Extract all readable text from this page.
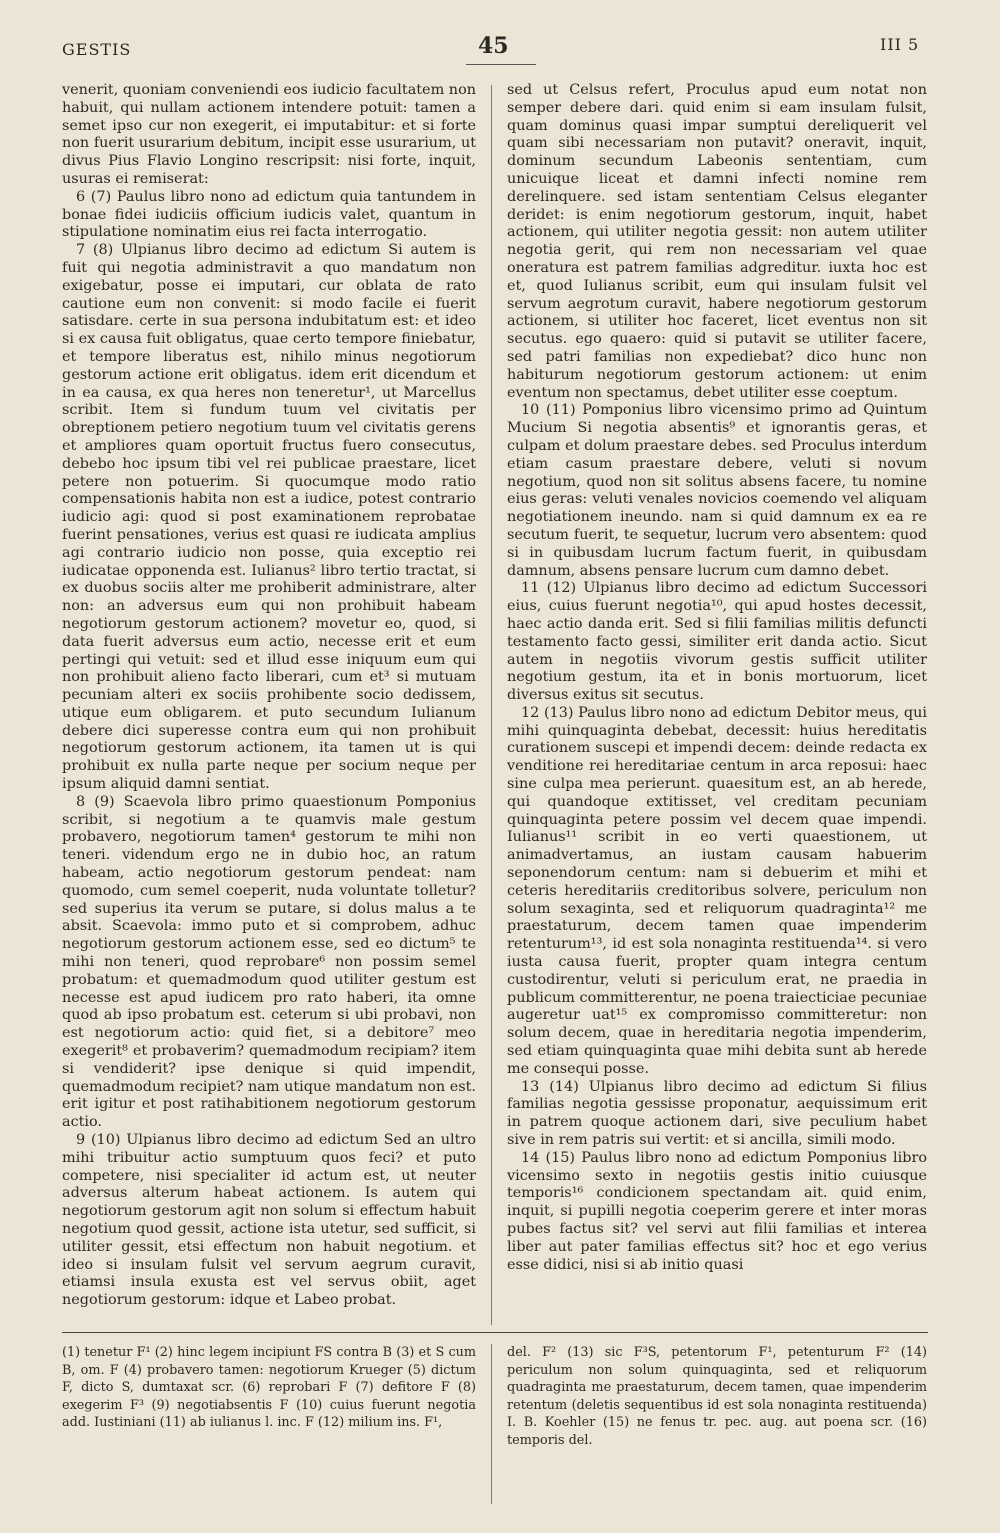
GESTIS	45	III 5

venerit, quoniam conveniendi eos iudicio facultatem non habuit, qui nullam actionem intendere potuit: tamen a semet ipso cur non exegerit, ei imputabitur: et si forte non fuerit usurarium debitum, incipit esse usurarium, ut divus Pius Flavio Longino rescripsit: nisi forte, inquit, usuras ei remiserat:

6 (7) Paulus libro nono ad edictum quia tantundem in bonae fidei iudiciis officium iudicis valet, quantum in stipulatione nominatim eius rei facta interrogatio.

7 (8) Ulpianus libro decimo ad edictum Si autem is fuit qui negotia administravit a quo mandatum non exigebatur, posse ei imputari, cur oblata de rato cautione eum non convenit: si modo facile ei fuerit satisdare. certe in sua persona indubitatum est: et ideo si ex causa fuit obligatus, quae certo tempore finiebatur, et tempore liberatus est, nihilo minus negotiorum gestorum actione erit obligatus. idem erit dicendum et in ea causa, ex qua heres non teneretur¹, ut Marcellus scribit. Item si fundum tuum vel civitatis per obreptionem petiero negotium tuum vel civitatis gerens et ampliores quam oportuit fructus fuero consecutus, debebo hoc ipsum tibi vel rei publicae praestare, licet petere non potuerim. Si quocumque modo ratio compensationis habita non est a iudice, potest contrario iudicio agi: quod si post examinationem reprobatae fuerint pensationes, verius est quasi re iudicata amplius agi contrario iudicio non posse, quia exceptio rei iudicatae opponenda est. Iulianus² libro tertio tractat, si ex duobus sociis alter me prohiberit administrare, alter non: an adversus eum qui non prohibuit habeam negotiorum gestorum actionem? movetur eo, quod, si data fuerit adversus eum actio, necesse erit et eum pertingi qui vetuit: sed et illud esse iniquum eum qui non prohibuit alieno facto liberari, cum et³ si mutuam pecuniam alteri ex sociis prohibente socio dedissem, utique eum obligarem. et puto secundum Iulianum debere dici superesse contra eum qui non prohibuit negotiorum gestorum actionem, ita tamen ut is qui prohibuit ex nulla parte neque per socium neque per ipsum aliquid damni sentiat.

8 (9) Scaevola libro primo quaestionum Pomponius scribit, si negotium a te quamvis male gestum probavero, negotiorum tamen⁴ gestorum te mihi non teneri. videndum ergo ne in dubio hoc, an ratum habeam, actio negotiorum gestorum pendeat: nam quomodo, cum semel coeperit, nuda voluntate tolletur? sed superius ita verum se putare, si dolus malus a te absit. Scaevola: immo puto et si comprobem, adhuc negotiorum gestorum actionem esse, sed eo dictum⁵ te mihi non teneri, quod reprobare⁶ non possim semel probatum: et quemadmodum quod utiliter gestum est necesse est apud iudicem pro rato haberi, ita omne quod ab ipso probatum est. ceterum si ubi probavi, non est negotiorum actio: quid fiet, si a debitore⁷ meo exegerit⁸ et probaverim? quemadmodum recipiam? item si vendiderit? ipse denique si quid impendit, quemadmodum recipiet? nam utique mandatum non est. erit igitur et post ratihabitionem negotiorum gestorum actio.

9 (10) Ulpianus libro decimo ad edictum Sed an ultro mihi tribuitur actio sumptuum quos feci? et puto competere, nisi specialiter id actum est, ut neuter adversus alterum habeat actionem. Is autem qui negotiorum gestorum agit non solum si effectum habuit negotium quod gessit, actione ista utetur, sed sufficit, si utiliter gessit, etsi effectum non habuit negotium. et ideo si insulam fulsit vel servum aegrum curavit, etiamsi insula exusta est vel servus obiit, aget negotiorum gestorum: idque et Labeo probat.

sed ut Celsus refert, Proculus apud eum notat non semper debere dari. quid enim si eam insulam fulsit, quam dominus quasi impar sumptui dereliquerit vel quam sibi necessariam non putavit? oneravit, inquit, dominum secundum Labeonis sententiam, cum unicuique liceat et damni infecti nomine rem derelinquere. sed istam sententiam Celsus eleganter deridet: is enim negotiorum gestorum, inquit, habet actionem, qui utiliter negotia gessit: non autem utiliter negotia gerit, qui rem non necessariam vel quae oneratura est patrem familias adgreditur. iuxta hoc est et, quod Iulianus scribit, eum qui insulam fulsit vel servum aegrotum curavit, habere negotiorum gestorum actionem, si utiliter hoc faceret, licet eventus non sit secutus. ego quaero: quid si putavit se utiliter facere, sed patri familias non expediebat? dico hunc non habiturum negotiorum gestorum actionem: ut enim eventum non spectamus, debet utiliter esse coeptum.

10 (11) Pomponius libro vicensimo primo ad Quintum Mucium Si negotia absentis⁹ et ignorantis geras, et culpam et dolum praestare debes. sed Proculus interdum etiam casum praestare debere, veluti si novum negotium, quod non sit solitus absens facere, tu nomine eius geras: veluti venales novicios coemendo vel aliquam negotiationem ineundo. nam si quid damnum ex ea re secutum fuerit, te sequetur, lucrum vero absentem: quod si in quibusdam lucrum factum fuerit, in quibusdam damnum, absens pensare lucrum cum damno debet.

11 (12) Ulpianus libro decimo ad edictum Successori eius, cuius fuerunt negotia¹⁰, qui apud hostes decessit, haec actio danda erit. Sed si filii familias militis defuncti testamento facto gessi, similiter erit danda actio. Sicut autem in negotiis vivorum gestis sufficit utiliter negotium gestum, ita et in bonis mortuorum, licet diversus exitus sit secutus.

12 (13) Paulus libro nono ad edictum Debitor meus, qui mihi quinquaginta debebat, decessit: huius hereditatis curationem suscepi et impendi decem: deinde redacta ex venditione rei hereditariae centum in arca reposui: haec sine culpa mea perierunt. quaesitum est, an ab herede, qui quandoque extitisset, vel creditam pecuniam quinquaginta petere possim vel decem quae impendi. Iulianus¹¹ scribit in eo verti quaestionem, ut animadvertamus, an iustam causam habuerim seponendorum centum: nam si debuerim et mihi et ceteris hereditariis creditoribus solvere, periculum non solum sexaginta, sed et reliquorum quadraginta¹² me praestaturum, decem tamen quae impenderim retenturum¹³, id est sola nonaginta restituenda¹⁴. si vero iusta causa fuerit, propter quam integra centum custodirentur, veluti si periculum erat, ne praedia in publicum committerentur, ne poena traiecticiae pecuniae augeretur uat¹⁵ ex compromisso committeretur: non solum decem, quae in hereditaria negotia impenderim, sed etiam quinquaginta quae mihi debita sunt ab herede me consequi posse.

13 (14) Ulpianus libro decimo ad edictum Si filius familias negotia gessisse proponatur, aequissimum erit in patrem quoque actionem dari, sive peculium habet sive in rem patris sui vertit: et si ancilla, simili modo.

14 (15) Paulus libro nono ad edictum Pomponius libro vicensimo sexto in negotiis gestis initio cuiusque temporis¹⁶ condicionem spectandam ait. quid enim, inquit, si pupilli negotia coeperim gerere et inter moras pubes factus sit? vel servi aut filii familias et interea liber aut pater familias effectus sit? hoc et ego verius esse didici, nisi si ab initio quasi

(1) tenetur F¹ (2) hinc legem incipiunt FS contra B (3) et S cum B, om. F (4) probavero tamen: negotiorum Krueger (5) dictum F, dicto S, dumtaxat scr. (6) reprobari F (7) defitore F (8) exegerim F³ (9) negotiabsentis F (10) cuius fuerunt negotia add. Iustiniani (11) ab iulianus l. inc. F (12) milium ins. F¹,
del. F² (13) sic F³S, petentorum F¹, petenturum F² (14) periculum non solum quinquaginta, sed et reliquorum quadraginta me praestaturum, decem tamen, quae impenderim retentum (deletis sequentibus id est sola nonaginta restituenda) I. B. Koehler (15) ne fenus tr. pec. aug. aut poena scr. (16) temporis del.
